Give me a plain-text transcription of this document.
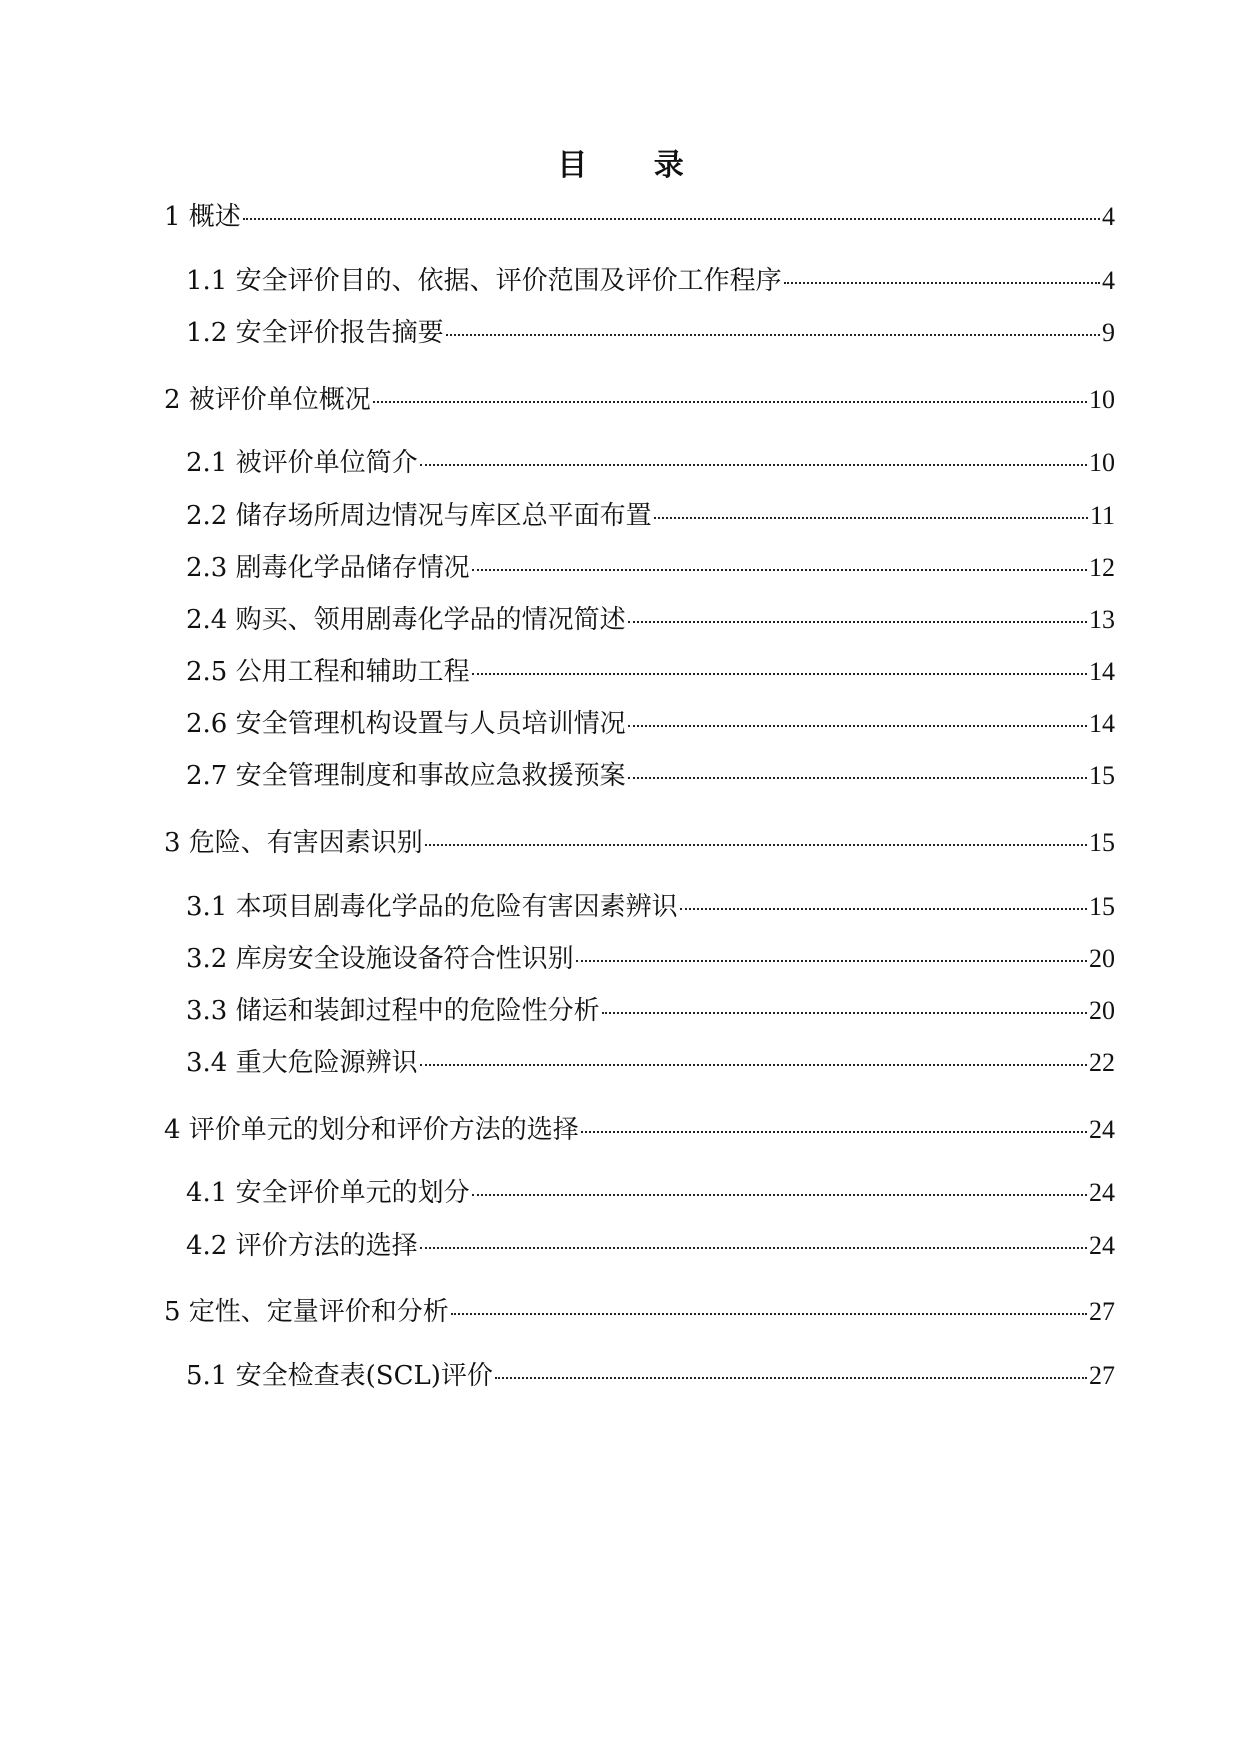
目 录
1 概述	4
1.1 安全评价目的、依据、评价范围及评价工作程序	4
1.2 安全评价报告摘要	9
2 被评价单位概况	10
2.1 被评价单位简介	10
2.2 储存场所周边情况与库区总平面布置	11
2.3 剧毒化学品储存情况	12
2.4 购买、领用剧毒化学品的情况简述	13
2.5 公用工程和辅助工程	14
2.6 安全管理机构设置与人员培训情况	14
2.7 安全管理制度和事故应急救援预案	15
3 危险、有害因素识别	15
3.1 本项目剧毒化学品的危险有害因素辨识	15
3.2 库房安全设施设备符合性识别	20
3.3 储运和装卸过程中的危险性分析	20
3.4 重大危险源辨识	22
4 评价单元的划分和评价方法的选择	24
4.1 安全评价单元的划分	24
4.2 评价方法的选择	24
5 定性、定量评价和分析	27
5.1 安全检查表(SCL)评价	27
